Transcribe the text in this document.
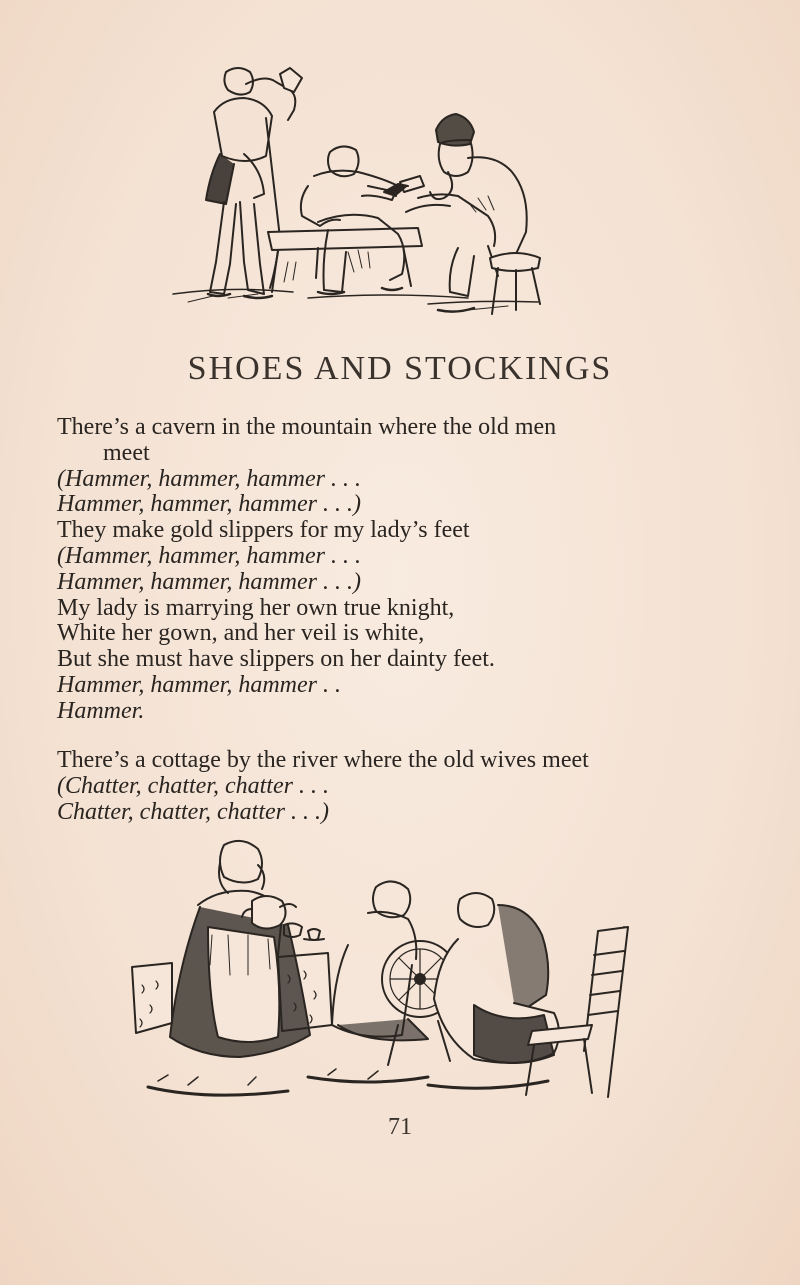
SHOES AND STOCKINGS
There’s a cavern in the mountain where the old men
meet
(Hammer, hammer, hammer . . .
Hammer, hammer, hammer . . .)
They make gold slippers for my lady’s feet
(Hammer, hammer, hammer . . .
Hammer, hammer, hammer . . .)
My lady is marrying her own true knight,
White her gown, and her veil is white,
But she must have slippers on her dainty feet.
Hammer, hammer, hammer . .
Hammer.
There’s a cottage by the river where the old wives meet
(Chatter, chatter, chatter . . .
Chatter, chatter, chatter . . .)
71
